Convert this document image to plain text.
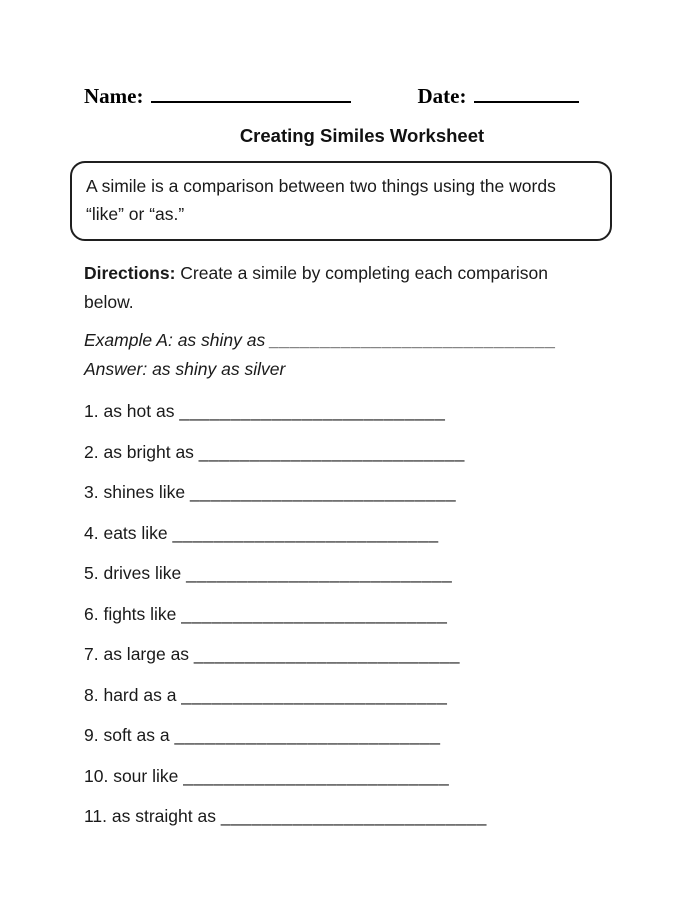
Name:	Date:
Creating Similes Worksheet
A simile is a comparison between two things using the words “like” or “as.”
Directions: Create a simile by completing each comparison below.
Example A: as shiny as ____________________________
Answer: as shiny as silver
1. as hot as __________________________
2. as bright as __________________________
3. shines like __________________________
4. eats like __________________________
5. drives like __________________________
6. fights like __________________________
7. as large as __________________________
8. hard as a __________________________
9. soft as a __________________________
10. sour like __________________________
11. as straight as __________________________
